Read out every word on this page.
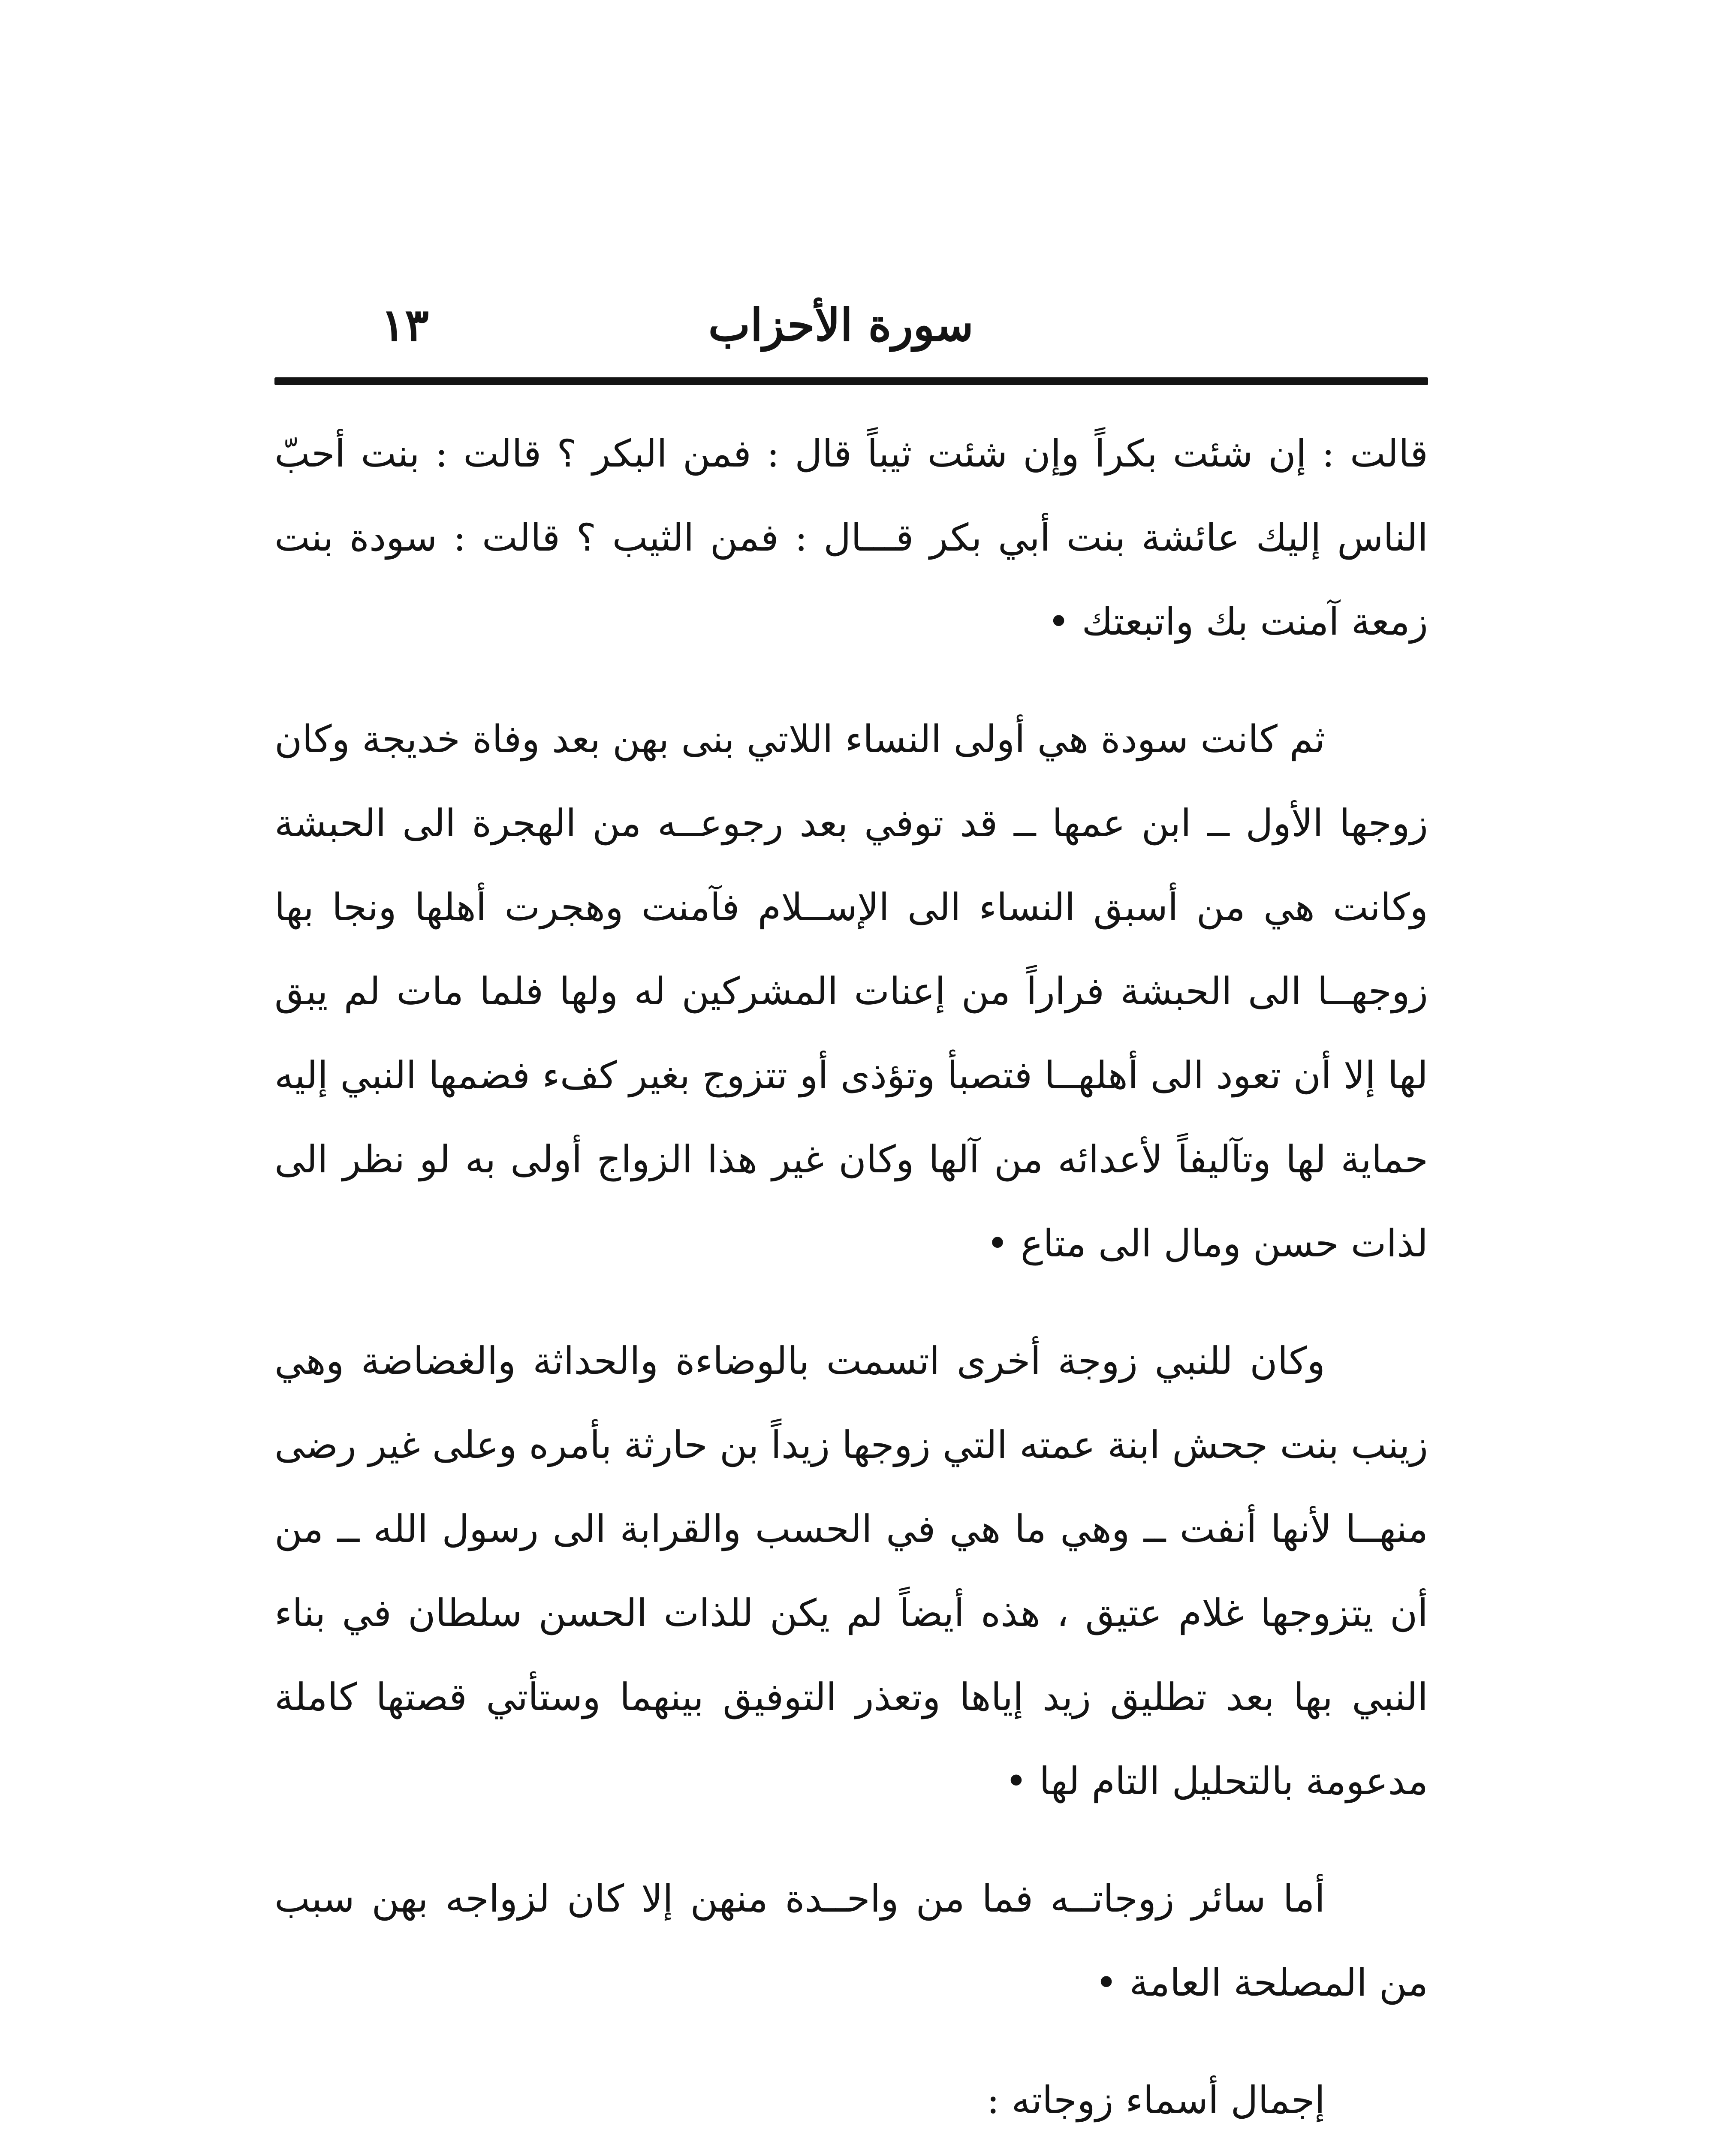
سورة الأحزاب
١٣

قالت : إن شئت بكراً وإن شئت ثيباً قال : فمن البكر ؟ قالت : بنت أحبّ الناس إليك عائشة بنت أبي بكر قـــال : فمن الثيب ؟ قالت : سودة بنت زمعة آمنت بك واتبعتك •

ثم كانت سودة هي أولى النساء اللاتي بنى بهن بعد وفاة خديجة وكان زوجها الأول ــ ابن عمها ــ قد توفي بعد رجوعــه من الهجرة الى الحبشة وكانت هي من أسبق النساء الى الإســلام فآمنت وهجرت أهلها ونجا بها زوجهــا الى الحبشة فراراً من إعنات المشركين له ولها فلما مات لم يبق لها إلا أن تعود الى أهلهــا فتصبأ وتؤذى أو تتزوج بغير كفء فضمها النبي إليه حماية لها وتآليفاً لأعدائه من آلها وكان غير هذا الزواج أولى به لو نظر الى لذات حسن ومال الى متاع •

وكان للنبي زوجة أخرى اتسمت بالوضاءة والحداثة والغضاضة وهي زينب بنت جحش ابنة عمته التي زوجها زيداً بن حارثة بأمره وعلى غير رضى منهــا لأنها أنفت ــ وهي ما هي في الحسب والقرابة الى رسول الله ــ من أن يتزوجها غلام عتيق ، هذه أيضاً لم يكن للذات الحسن سلطان في بناء النبي بها بعد تطليق زيد إياها وتعذر التوفيق بينهما وستأتي قصتها كاملة مدعومة بالتحليل التام لها •

أما سائر زوجاتــه فما من واحــدة منهن إلا كان لزواجه بهن سبب من المصلحة العامة •

إجمال أسماء زوجاته :
